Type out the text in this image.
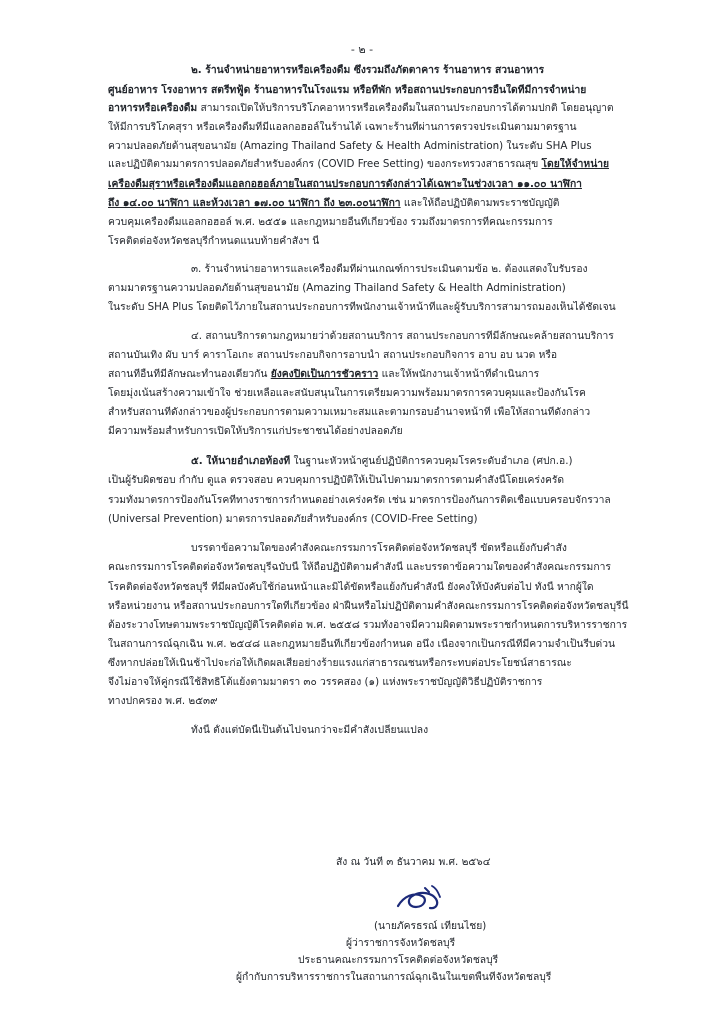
- ๒ -
๒. ร้านจำหน่ายอาหารหรือเครื่องดื่ม ซึ่งรวมถึงภัตตาคาร ร้านอาหาร สวนอาหาร
ศูนย์อาหาร โรงอาหาร สตรีทฟู้ด ร้านอาหารในโรงแรม หรือที่พัก หรือสถานประกอบการอื่นใดที่มีการจำหน่าย
อาหารหรือเครื่องดื่ม สามารถเปิดให้บริการบริโภคอาหารหรือเครื่องดื่มในสถานประกอบการได้ตามปกติ โดยอนุญาต
ให้มีการบริโภคสุรา หรือเครื่องดื่มที่มีแอลกอฮอล์ในร้านได้ เฉพาะร้านที่ผ่านการตรวจประเมินตามมาตรฐาน
ความปลอดภัยด้านสุขอนามัย (Amazing Thailand Safety & Health Administration) ในระดับ SHA Plus
และปฏิบัติตามมาตรการปลอดภัยสำหรับองค์กร (COVID Free Setting) ของกระทรวงสาธารณสุข โดยให้จำหน่าย
เครื่องดื่มสุราหรือเครื่องดื่มแอลกอฮอล์ภายในสถานประกอบการดังกล่าวได้เฉพาะในช่วงเวลา ๑๑.๐๐ นาฬิกา
ถึง ๑๔.๐๐ นาฬิกา และห้วงเวลา ๑๗.๐๐ นาฬิกา ถึง ๒๓.๐๐นาฬิกา และให้ถือปฏิบัติตามพระราชบัญญัติ
ควบคุมเครื่องดื่มแอลกอฮอล์ พ.ศ. ๒๕๕๑ และกฎหมายอื่นที่เกี่ยวข้อง รวมถึงมาตรการที่คณะกรรมการ
โรคติดต่อจังหวัดชลบุรีกำหนดแนบท้ายคำสั่งฯ นี้
๓. ร้านจำหน่ายอาหารและเครื่องดื่มที่ผ่านเกณฑ์การประเมินตามข้อ ๒. ต้องแสดงใบรับรอง
ตามมาตรฐานความปลอดภัยด้านสุขอนามัย (Amazing Thailand Safety & Health Administration)
ในระดับ SHA Plus โดยติดไว้ภายในสถานประกอบการที่พนักงานเจ้าหน้าที่และผู้รับบริการสามารถมองเห็นได้ชัดเจน
๔. สถานบริการตามกฎหมายว่าด้วยสถานบริการ สถานประกอบการที่มีลักษณะคล้ายสถานบริการ
สถานบันเทิง ผับ บาร์ คาราโอเกะ สถานประกอบกิจการอาบน้ำ สถานประกอบกิจการ อาบ อบ นวด หรือ
สถานที่อื่นที่มีลักษณะทำนองเดียวกัน ยังคงปิดเป็นการชั่วคราว และให้พนักงานเจ้าหน้าที่ดำเนินการ
โดยมุ่งเน้นสร้างความเข้าใจ ช่วยเหลือและสนับสนุนในการเตรียมความพร้อมมาตรการควบคุมและป้องกันโรค
สำหรับสถานที่ดังกล่าวของผู้ประกอบการตามความเหมาะสมและตามกรอบอำนาจหน้าที่ เพื่อให้สถานที่ดังกล่าว
มีความพร้อมสำหรับการเปิดให้บริการแก่ประชาชนได้อย่างปลอดภัย
๕. ให้นายอำเภอท้องที่ ในฐานะหัวหน้าศูนย์ปฏิบัติการควบคุมโรคระดับอำเภอ (ศปก.อ.)
เป็นผู้รับผิดชอบ กำกับ ดูแล ตรวจสอบ ควบคุมการปฏิบัติให้เป็นไปตามมาตรการตามคำสั่งนี้โดยเคร่งครัด
รวมทั้งมาตรการป้องกันโรคที่ทางราชการกำหนดอย่างเคร่งครัด เช่น มาตรการป้องกันการติดเชื้อแบบครอบจักรวาล
(Universal Prevention) มาตรการปลอดภัยสำหรับองค์กร (COVID-Free Setting)
บรรดาข้อความใดของคำสั่งคณะกรรมการโรคติดต่อจังหวัดชลบุรี ขัดหรือแย้งกับคำสั่ง
คณะกรรมการโรคติดต่อจังหวัดชลบุรีฉบับนี้ ให้ถือปฏิบัติตามคำสั่งนี้ และบรรดาข้อความใดของคำสั่งคณะกรรมการ
โรคติดต่อจังหวัดชลบุรี ที่มีผลบังคับใช้ก่อนหน้าและมิได้ขัดหรือแย้งกับคำสั่งนี้ ยังคงให้บังคับต่อไป ทั้งนี้ หากผู้ใด
หรือหน่วยงาน หรือสถานประกอบการใดที่เกี่ยวข้อง ฝ่าฝืนหรือไม่ปฏิบัติตามคำสั่งคณะกรรมการโรคติดต่อจังหวัดชลบุรีนี้
ต้องระวางโทษตามพระราชบัญญัติโรคติดต่อ พ.ศ. ๒๕๕๘ รวมทั้งอาจมีความผิดตามพระราชกำหนดการบริหารราชการ
ในสถานการณ์ฉุกเฉิน พ.ศ. ๒๕๔๘ และกฎหมายอื่นที่เกี่ยวข้องกำหนด อนึ่ง เนื่องจากเป็นกรณีที่มีความจำเป็นรีบด่วน
ซึ่งหากปล่อยให้เนิ่นช้าไปจะก่อให้เกิดผลเสียอย่างร้ายแรงแก่สาธารณชนหรือกระทบต่อประโยชน์สาธารณะ
จึงไม่อาจให้คู่กรณีใช้สิทธิโต้แย้งตามมาตรา ๓๐ วรรคสอง (๑) แห่งพระราชบัญญัติวิธีปฏิบัติราชการ
ทางปกครอง พ.ศ. ๒๕๓๙
ทั้งนี้ ตั้งแต่บัดนี้เป็นต้นไปจนกว่าจะมีคำสั่งเปลี่ยนแปลง
สั่ง ณ วันที่ ๓ ธันวาคม พ.ศ. ๒๕๖๔
(นายภัครธรณ์ เทียนไชย)
ผู้ว่าราชการจังหวัดชลบุรี
ประธานคณะกรรมการโรคติดต่อจังหวัดชลบุรี
ผู้กำกับการบริหารราชการในสถานการณ์ฉุกเฉินในเขตพื้นที่จังหวัดชลบุรี
